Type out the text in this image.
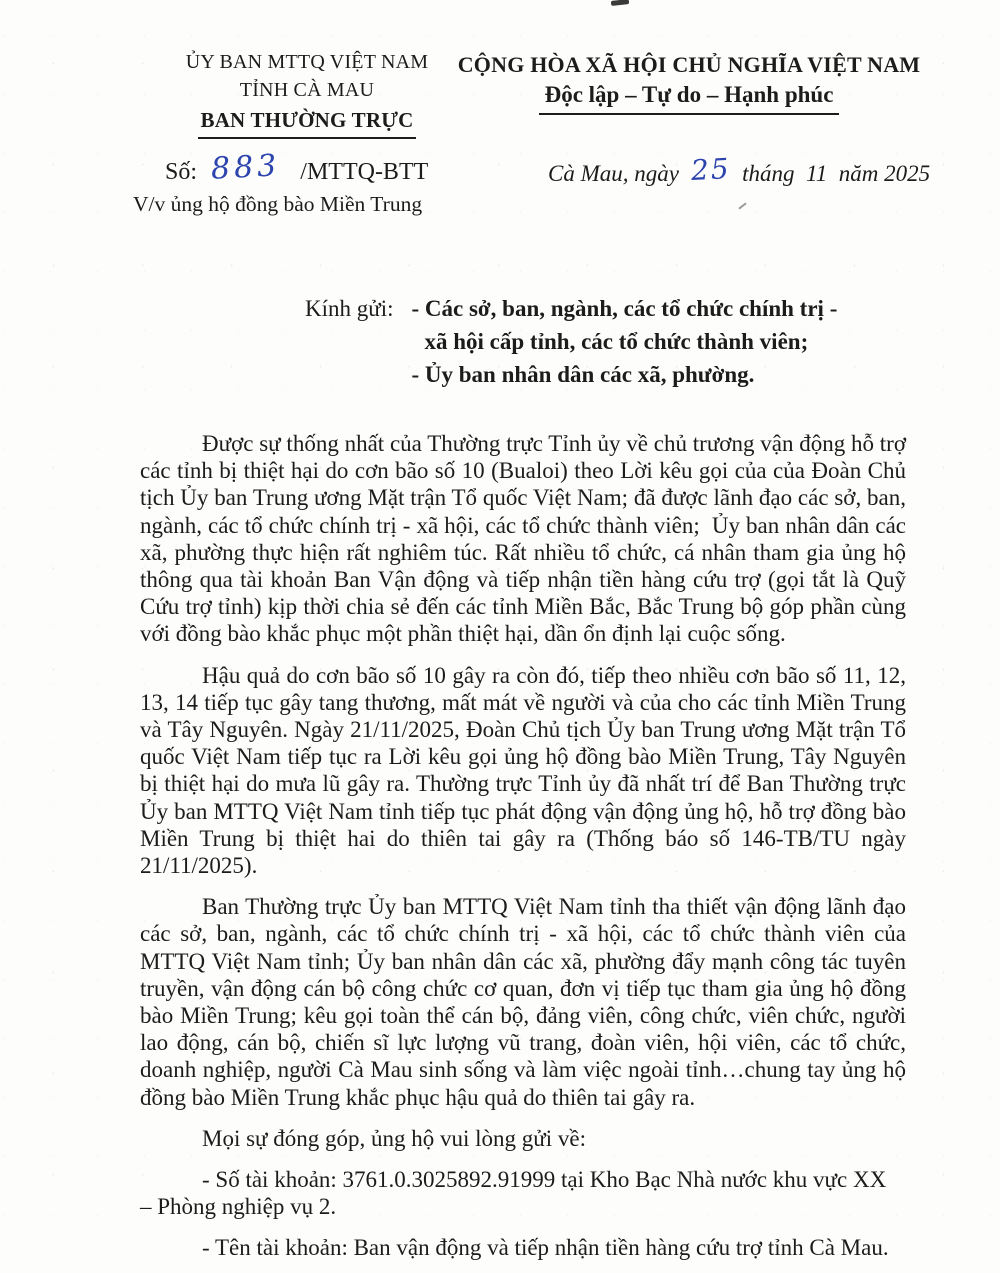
ỦY BAN MTTQ VIỆT NAM
TỈNH CÀ MAU
BAN THƯỜNG TRỰC
CỘNG HÒA XÃ HỘI CHỦ NGHĨA VIỆT NAM
Độc lập – Tự do – Hạnh phúc
Số: 883 /MTTQ-BTT	Cà Mau, ngày 25 tháng  11  năm 2025
V/v ủng hộ đồng bào Miền Trung
Kính gửi: - Các sở, ban, ngành, các tổ chức chính trị -
xã hội cấp tỉnh, các tổ chức thành viên;
- Ủy ban nhân dân các xã, phường.

Được sự thống nhất của Thường trực Tỉnh ủy về chủ trương vận động hỗ trợ các tỉnh bị thiệt hại do cơn bão số 10 (Bualoi) theo Lời kêu gọi của của Đoàn Chủ tịch Ủy ban Trung ương Mặt trận Tổ quốc Việt Nam; đã được lãnh đạo các sở, ban, ngành, các tổ chức chính trị - xã hội, các tổ chức thành viên;  Ủy ban nhân dân các xã, phường thực hiện rất nghiêm túc. Rất nhiều tổ chức, cá nhân tham gia ủng hộ thông qua tài khoản Ban Vận động và tiếp nhận tiền hàng cứu trợ (gọi tắt là Quỹ Cứu trợ tỉnh) kịp thời chia sẻ đến các tỉnh Miền Bắc, Bắc Trung bộ góp phần cùng với đồng bào khắc phục một phần thiệt hại, dần ổn định lại cuộc sống.

Hậu quả do cơn bão số 10 gây ra còn đó, tiếp theo nhiều cơn bão số 11, 12, 13, 14 tiếp tục gây tang thương, mất mát về người và của cho các tỉnh Miền Trung và Tây Nguyên. Ngày 21/11/2025, Đoàn Chủ tịch Ủy ban Trung ương Mặt trận Tổ quốc Việt Nam tiếp tục ra Lời kêu gọi ủng hộ đồng bào Miền Trung, Tây Nguyên bị thiệt hại do mưa lũ gây ra. Thường trực Tỉnh ủy đã nhất trí để Ban Thường trực Ủy ban MTTQ Việt Nam tỉnh tiếp tục phát động vận động ủng hộ, hỗ trợ đồng bào Miền Trung bị thiệt hai do thiên tai gây ra (Thống báo số 146-TB/TU ngày 21/11/2025).

Ban Thường trực Ủy ban MTTQ Việt Nam tỉnh tha thiết vận động lãnh đạo các sở, ban, ngành, các tổ chức chính trị - xã hội, các tổ chức thành viên của MTTQ Việt Nam tỉnh; Ủy ban nhân dân các xã, phường đẩy mạnh công tác tuyên truyền, vận động cán bộ công chức cơ quan, đơn vị tiếp tục tham gia ủng hộ đồng bào Miền Trung; kêu gọi toàn thể cán bộ, đảng viên, công chức, viên chức, người lao động, cán bộ, chiến sĩ lực lượng vũ trang, đoàn viên, hội viên, các tổ chức, doanh nghiệp, người Cà Mau sinh sống và làm việc ngoài tỉnh…chung tay ủng hộ đồng bào Miền Trung khắc phục hậu quả do thiên tai gây ra.

Mọi sự đóng góp, ủng hộ vui lòng gửi về:

- Số tài khoản: 3761.0.3025892.91999 tại Kho Bạc Nhà nước khu vực XX
– Phòng nghiệp vụ 2.

- Tên tài khoản: Ban vận động và tiếp nhận tiền hàng cứu trợ tỉnh Cà Mau.
